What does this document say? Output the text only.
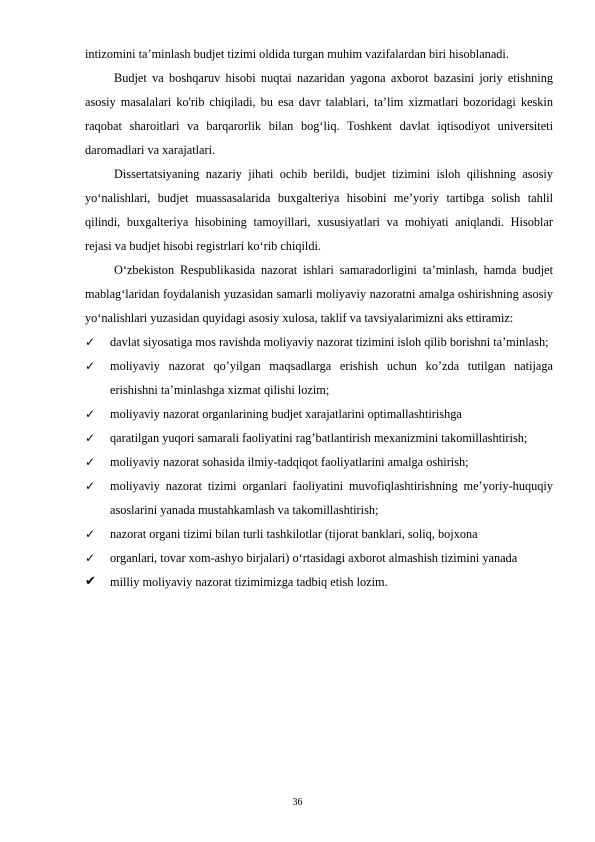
intizomini ta’minlash budjet tizimi oldida turgan muhim vazifalardan biri hisoblanadi.

Budjet va boshqaruv hisobi nuqtai nazaridan yagona axborot bazasini joriy etishning asosiy masalalari ko'rib chiqiladi, bu esa davr talablari, ta’lim xizmatlari bozoridagi keskin raqobat sharoitlari va barqarorlik bilan bog‘liq. Toshkent davlat iqtisodiyot universiteti daromadlari va xarajatlari.

Dissertatsiyaning nazariy jihati ochib berildi, budjet tizimini isloh qilishning asosiy yo‘nalishlari, budjet muassasalarida buxgalteriya hisobini me’yoriy tartibga solish tahlil qilindi, buxgalteriya hisobining tamoyillari, xususiyatlari va mohiyati aniqlandi. Hisoblar rejasi va budjet hisobi registrlari ko‘rib chiqildi.

O‘zbekiston Respublikasida nazorat ishlari samaradorligini ta’minlash, hamda budjet mablag‘laridan foydalanish yuzasidan samarli moliyaviy nazoratni amalga oshirishning asosiy yo‘nalishlari yuzasidan quyidagi asosiy xulosa, taklif va tavsiyalarimizni aks ettiramiz:

✓ davlat siyosatiga mos ravishda moliyaviy nazorat tizimini isloh qilib borishni ta’minlash;
✓ moliyaviy nazorat qo’yilgan maqsadlarga erishish uchun ko’zda tutilgan natijaga erishishni ta’minlashga xizmat qilishi lozim;
✓ moliyaviy nazorat organlarining budjet xarajatlarini optimallashtirishga
✓ qaratilgan yuqori samarali faoliyatini rag’batlantirish mexanizmini takomillashtirish;
✓ moliyaviy nazorat sohasida ilmiy-tadqiqot faoliyatlarini amalga oshirish;
✓ moliyaviy nazorat tizimi organlari faoliyatini muvofiqlashtirishning me’yoriy-huquqiy asoslarini yanada mustahkamlash va takomillashtirish;
✓ nazorat organi tizimi bilan turli tashkilotlar (tijorat banklari, soliq, bojxona
✓ organlari, tovar xom-ashyo birjalari) o‘rtasidagi axborot almashish tizimini yanada
✔ milliy moliyaviy nazorat tizimimizga tadbiq etish lozim.
36
